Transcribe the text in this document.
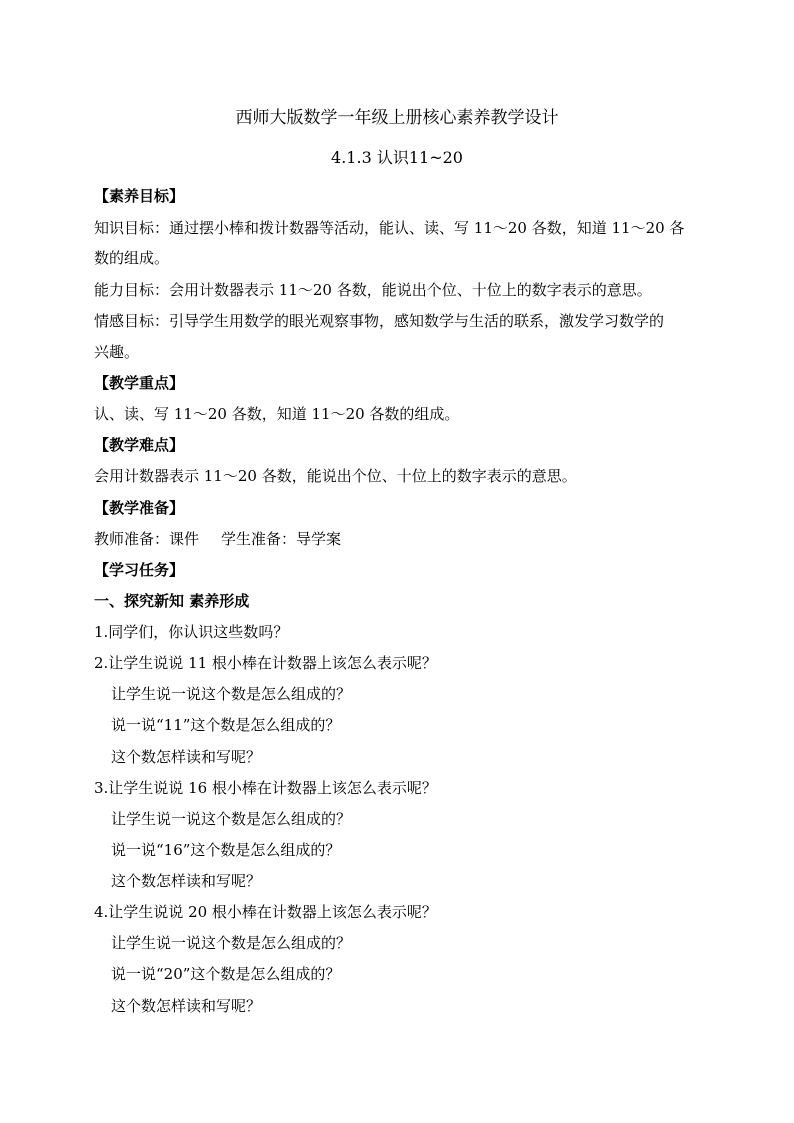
西师大版数学一年级上册核心素养教学设计
4.1.3 认识11~20
【素养目标】
知识目标：通过摆小棒和拨计数器等活动，能认、读、写 11～20 各数，知道 11～20 各
数的组成。
能力目标：会用计数器表示 11～20 各数，能说出个位、十位上的数字表示的意思。
情感目标：引导学生用数学的眼光观察事物，感知数学与生活的联系，激发学习数学的
兴趣。
【教学重点】
认、读、写 11～20 各数，知道 11～20 各数的组成。
【教学难点】
会用计数器表示 11～20 各数，能说出个位、十位上的数字表示的意思。
【教学准备】
教师准备：课件 学生准备：导学案
【学习任务】
一、探究新知 素养形成
1.同学们，你认识这些数吗？
2.让学生说说 11 根小棒在计数器上该怎么表示呢？
让学生说一说这个数是怎么组成的？
说一说“11”这个数是怎么组成的？
这个数怎样读和写呢？
3.让学生说说 16 根小棒在计数器上该怎么表示呢？
让学生说一说这个数是怎么组成的？
说一说“16”这个数是怎么组成的？
这个数怎样读和写呢？
4.让学生说说 20 根小棒在计数器上该怎么表示呢？
让学生说一说这个数是怎么组成的？
说一说“20”这个数是怎么组成的？
这个数怎样读和写呢？
